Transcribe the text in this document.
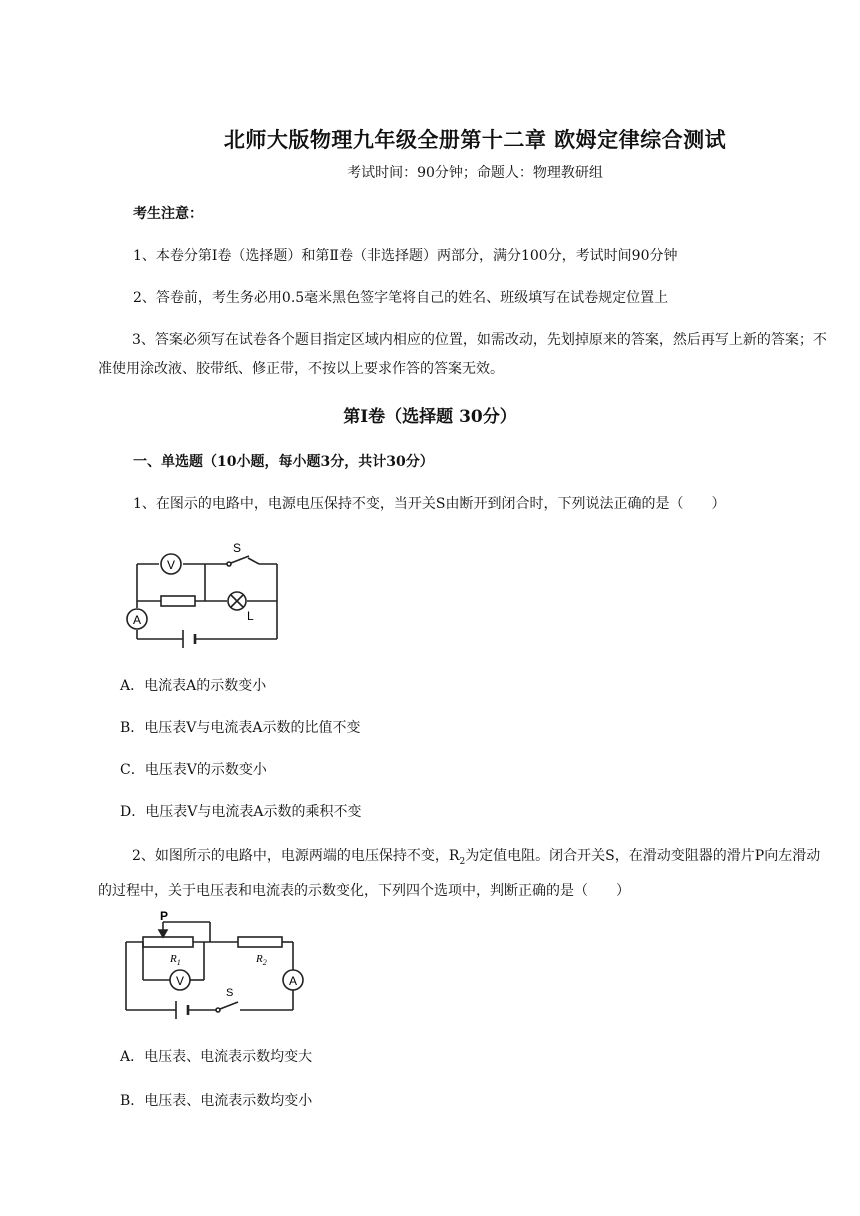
北师大版物理九年级全册第十二章 欧姆定律综合测试
考试时间：90分钟；命题人：物理教研组
考生注意：
1、本卷分第Ⅰ卷（选择题）和第Ⅱ卷（非选择题）两部分，满分100分，考试时间90分钟
2、答卷前，考生务必用0.5毫米黑色签字笔将自己的姓名、班级填写在试卷规定位置上
3、答案必须写在试卷各个题目指定区域内相应的位置，如需改动，先划掉原来的答案，然后再写上新的答案；不准使用涂改液、胶带纸、修正带，不按以上要求作答的答案无效。
第Ⅰ卷（选择题 30分）
一、单选题（10小题，每小题3分，共计30分）
1、在图示的电路中，电源电压保持不变，当开关S由断开到闭合时，下列说法正确的是（　　）
V
A
S
L
A．电流表A的示数变小
B．电压表V与电流表A示数的比值不变
C．电压表V的示数变小
D．电压表V与电流表A示数的乘积不变
2、如图所示的电路中，电源两端的电压保持不变，$R_2$为定值电阻。闭合开关S，在滑动变阻器的滑片P向左滑动的过程中，关于电压表和电流表的示数变化，下列四个选项中，判断正确的是（　　）
P
$R_1$	$R_2$
V	A
S
A．电压表、电流表示数均变大
B．电压表、电流表示数均变小
